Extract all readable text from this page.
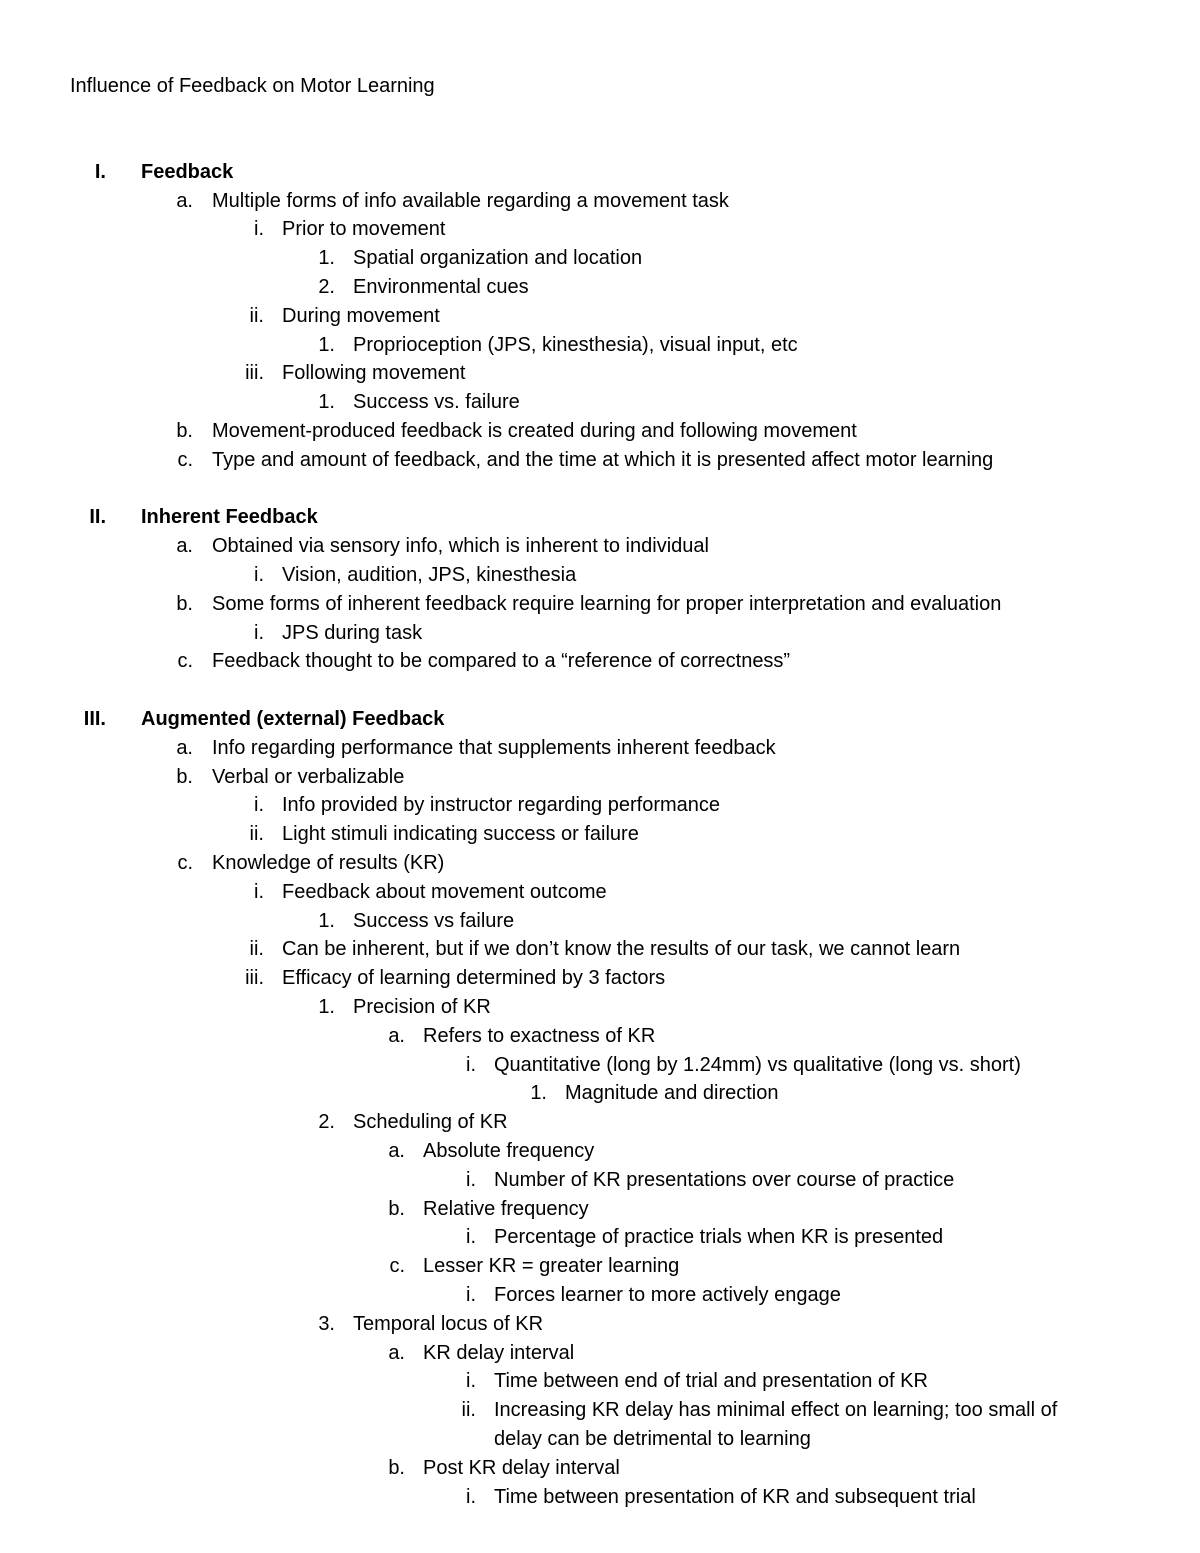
Influence of Feedback on Motor Learning
I. Feedback
a. Multiple forms of info available regarding a movement task
i. Prior to movement
1. Spatial organization and location
2. Environmental cues
ii. During movement
1. Proprioception (JPS, kinesthesia), visual input, etc
iii. Following movement
1. Success vs. failure
b. Movement-produced feedback is created during and following movement
c. Type and amount of feedback, and the time at which it is presented affect motor learning
II. Inherent Feedback
a. Obtained via sensory info, which is inherent to individual
i. Vision, audition, JPS, kinesthesia
b. Some forms of inherent feedback require learning for proper interpretation and evaluation
i. JPS during task
c. Feedback thought to be compared to a “reference of correctness”
III. Augmented (external) Feedback
a. Info regarding performance that supplements inherent feedback
b. Verbal or verbalizable
i. Info provided by instructor regarding performance
ii. Light stimuli indicating success or failure
c. Knowledge of results (KR)
i. Feedback about movement outcome
1. Success vs failure
ii. Can be inherent, but if we don’t know the results of our task, we cannot learn
iii. Efficacy of learning determined by 3 factors
1. Precision of KR
a. Refers to exactness of KR
i. Quantitative (long by 1.24mm) vs qualitative (long vs. short)
1. Magnitude and direction
2. Scheduling of KR
a. Absolute frequency
i. Number of KR presentations over course of practice
b. Relative frequency
i. Percentage of practice trials when KR is presented
c. Lesser KR = greater learning
i. Forces learner to more actively engage
3. Temporal locus of KR
a. KR delay interval
i. Time between end of trial and presentation of KR
ii. Increasing KR delay has minimal effect on learning; too small of
delay can be detrimental to learning
b. Post KR delay interval
i. Time between presentation of KR and subsequent trial
